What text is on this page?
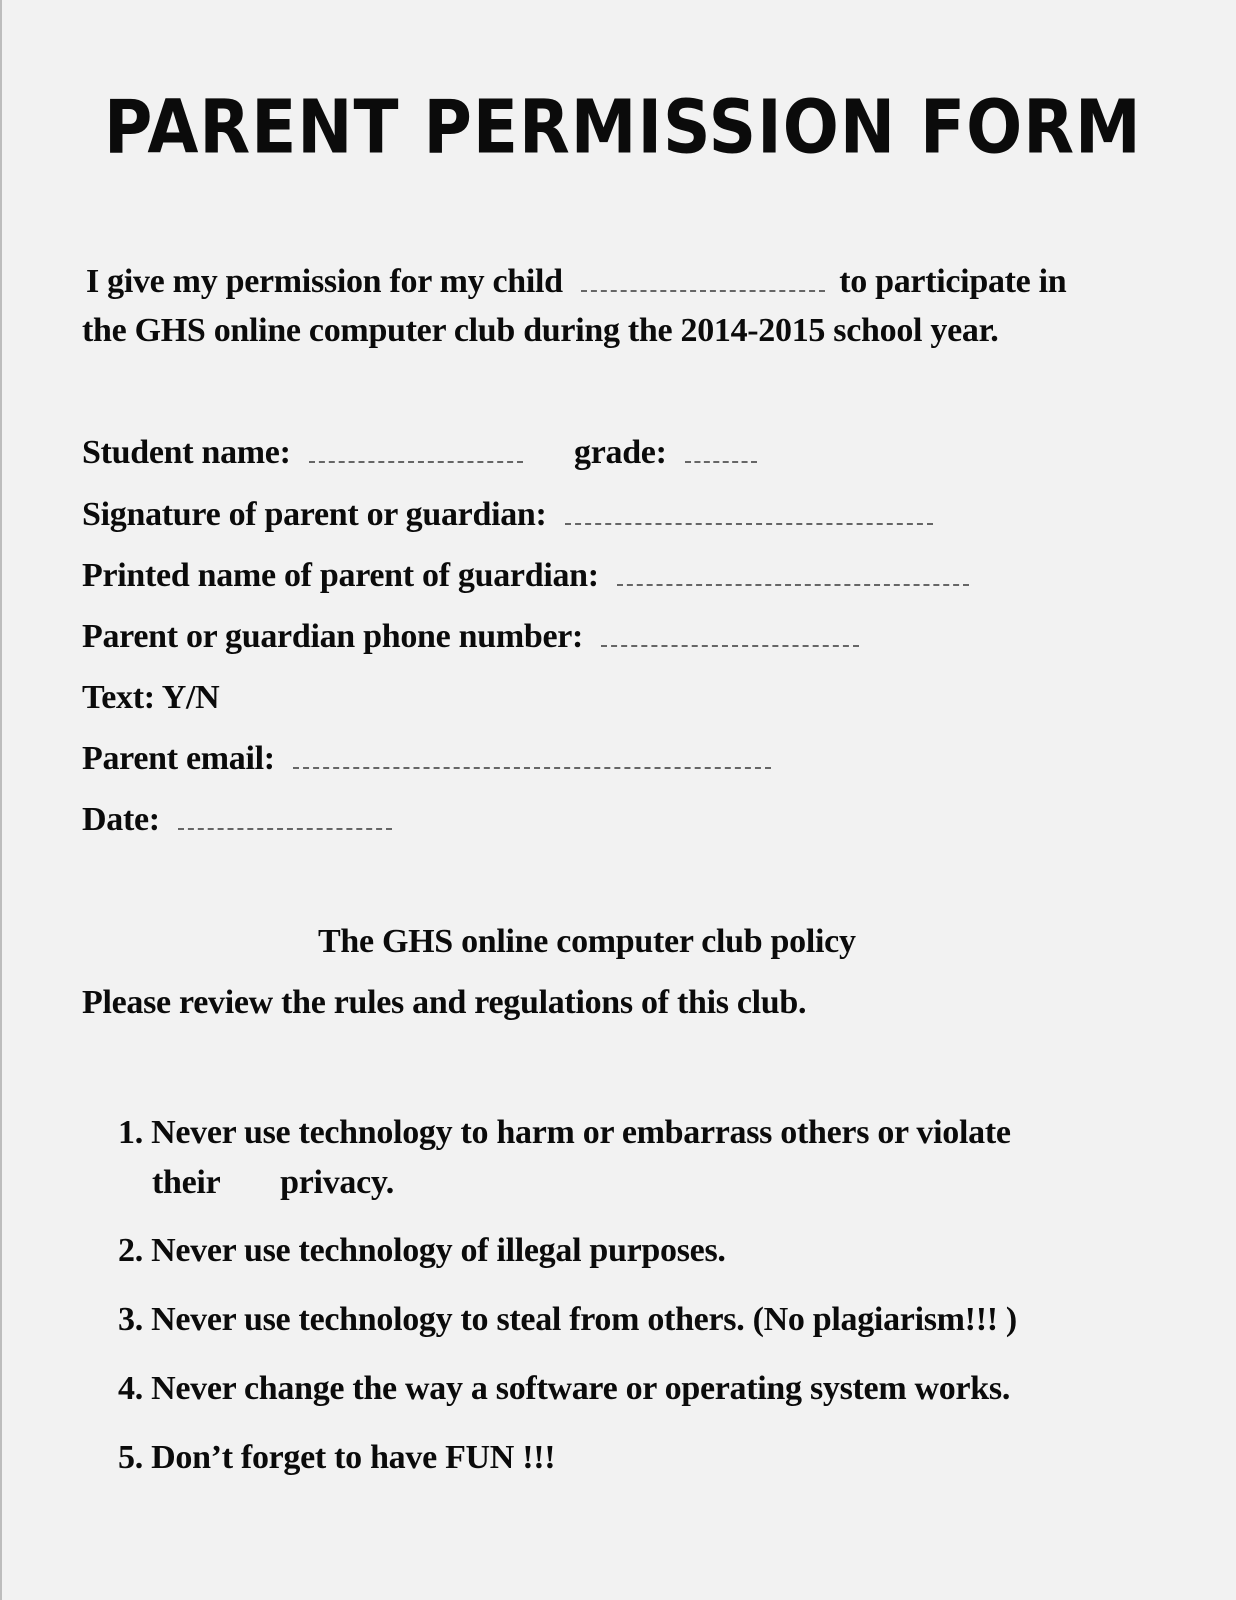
PARENT PERMISSION FORM
I give my permission for my child	to participate in
the GHS online computer club during the 2014-2015 school year.
Student name:	grade:
Signature of parent or guardian:
Printed name of parent of guardian:
Parent or guardian phone number:
Text: Y/N
Parent email:
Date:
The GHS online computer club policy
Please review the rules and regulations of this club.
1. Never use technology to harm or embarrass others or violate
their privacy.
2. Never use technology of illegal purposes.
3. Never use technology to steal from others. (No plagiarism!!! )
4. Never change the way a software or operating system works.
5. Don’t forget to have FUN !!!
